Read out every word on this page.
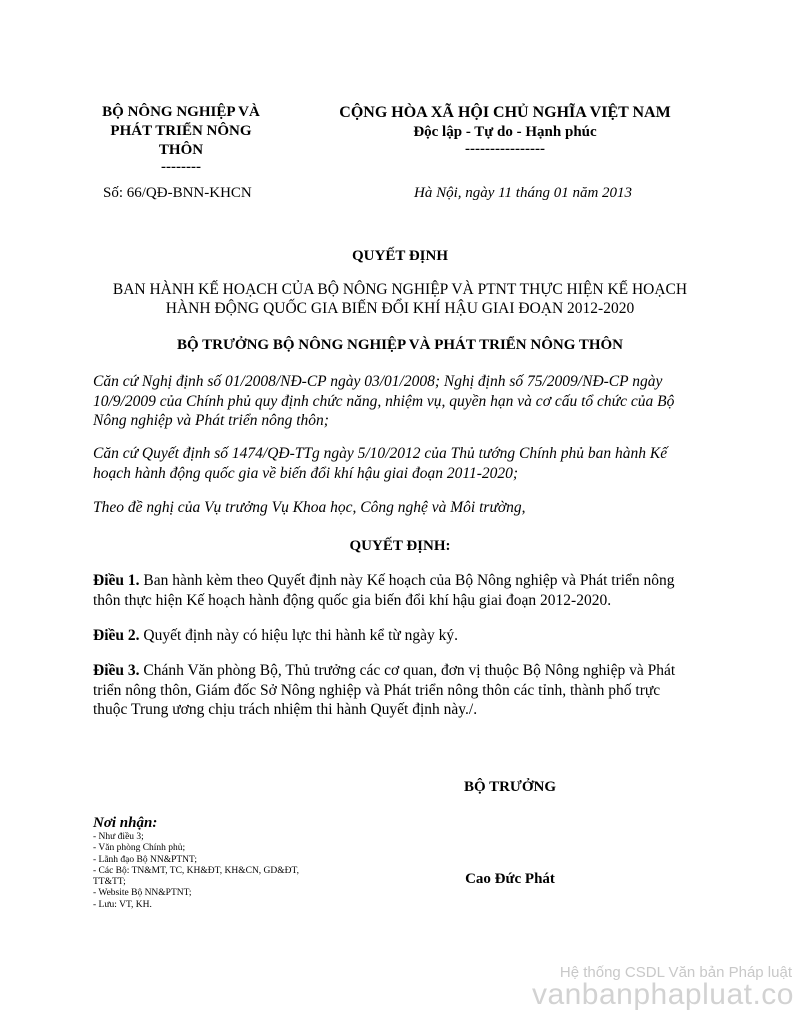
BỘ NÔNG NGHIỆP VÀ
PHÁT TRIỂN NÔNG
THÔN
--------
CỘNG HÒA XÃ HỘI CHỦ NGHĨA VIỆT NAM
Độc lập - Tự do - Hạnh phúc
----------------
Số: 66/QĐ-BNN-KHCN	Hà Nội, ngày 11 tháng 01 năm 2013
QUYẾT ĐỊNH
BAN HÀNH KẾ HOẠCH CỦA BỘ NÔNG NGHIỆP VÀ PTNT THỰC HIỆN KẾ HOẠCH
HÀNH ĐỘNG QUỐC GIA BIẾN ĐỔI KHÍ HẬU GIAI ĐOẠN 2012-2020
BỘ TRƯỞNG BỘ NÔNG NGHIỆP VÀ PHÁT TRIỂN NÔNG THÔN
Căn cứ Nghị định số 01/2008/NĐ-CP ngày 03/01/2008; Nghị định số 75/2009/NĐ-CP ngày
10/9/2009 của Chính phủ quy định chức năng, nhiệm vụ, quyền hạn và cơ cấu tổ chức của Bộ
Nông nghiệp và Phát triển nông thôn;
Căn cứ Quyết định số 1474/QĐ-TTg ngày 5/10/2012 của Thủ tướng Chính phủ ban hành Kế
hoạch hành động quốc gia về biến đổi khí hậu giai đoạn 2011-2020;
Theo đề nghị của Vụ trưởng Vụ Khoa học, Công nghệ và Môi trường,
QUYẾT ĐỊNH:
Điều 1. Ban hành kèm theo Quyết định này Kế hoạch của Bộ Nông nghiệp và Phát triển nông
thôn thực hiện Kế hoạch hành động quốc gia biến đổi khí hậu giai đoạn 2012-2020.
Điều 2. Quyết định này có hiệu lực thi hành kể từ ngày ký.
Điều 3. Chánh Văn phòng Bộ, Thủ trưởng các cơ quan, đơn vị thuộc Bộ Nông nghiệp và Phát
triển nông thôn, Giám đốc Sở Nông nghiệp và Phát triển nông thôn các tỉnh, thành phố trực
thuộc Trung ương chịu trách nhiệm thi hành Quyết định này./.
BỘ TRƯỞNG
Cao Đức Phát
Nơi nhận:
- Như điều 3;
- Văn phòng Chính phủ;
- Lãnh đạo Bộ NN&PTNT;
- Các Bộ: TN&MT, TC, KH&ĐT, KH&CN, GD&ĐT,
TT&TT;
- Website Bộ NN&PTNT;
- Lưu: VT, KH.
Hệ thống CSDL Văn bản Pháp luật
vanbanphapluat.co
